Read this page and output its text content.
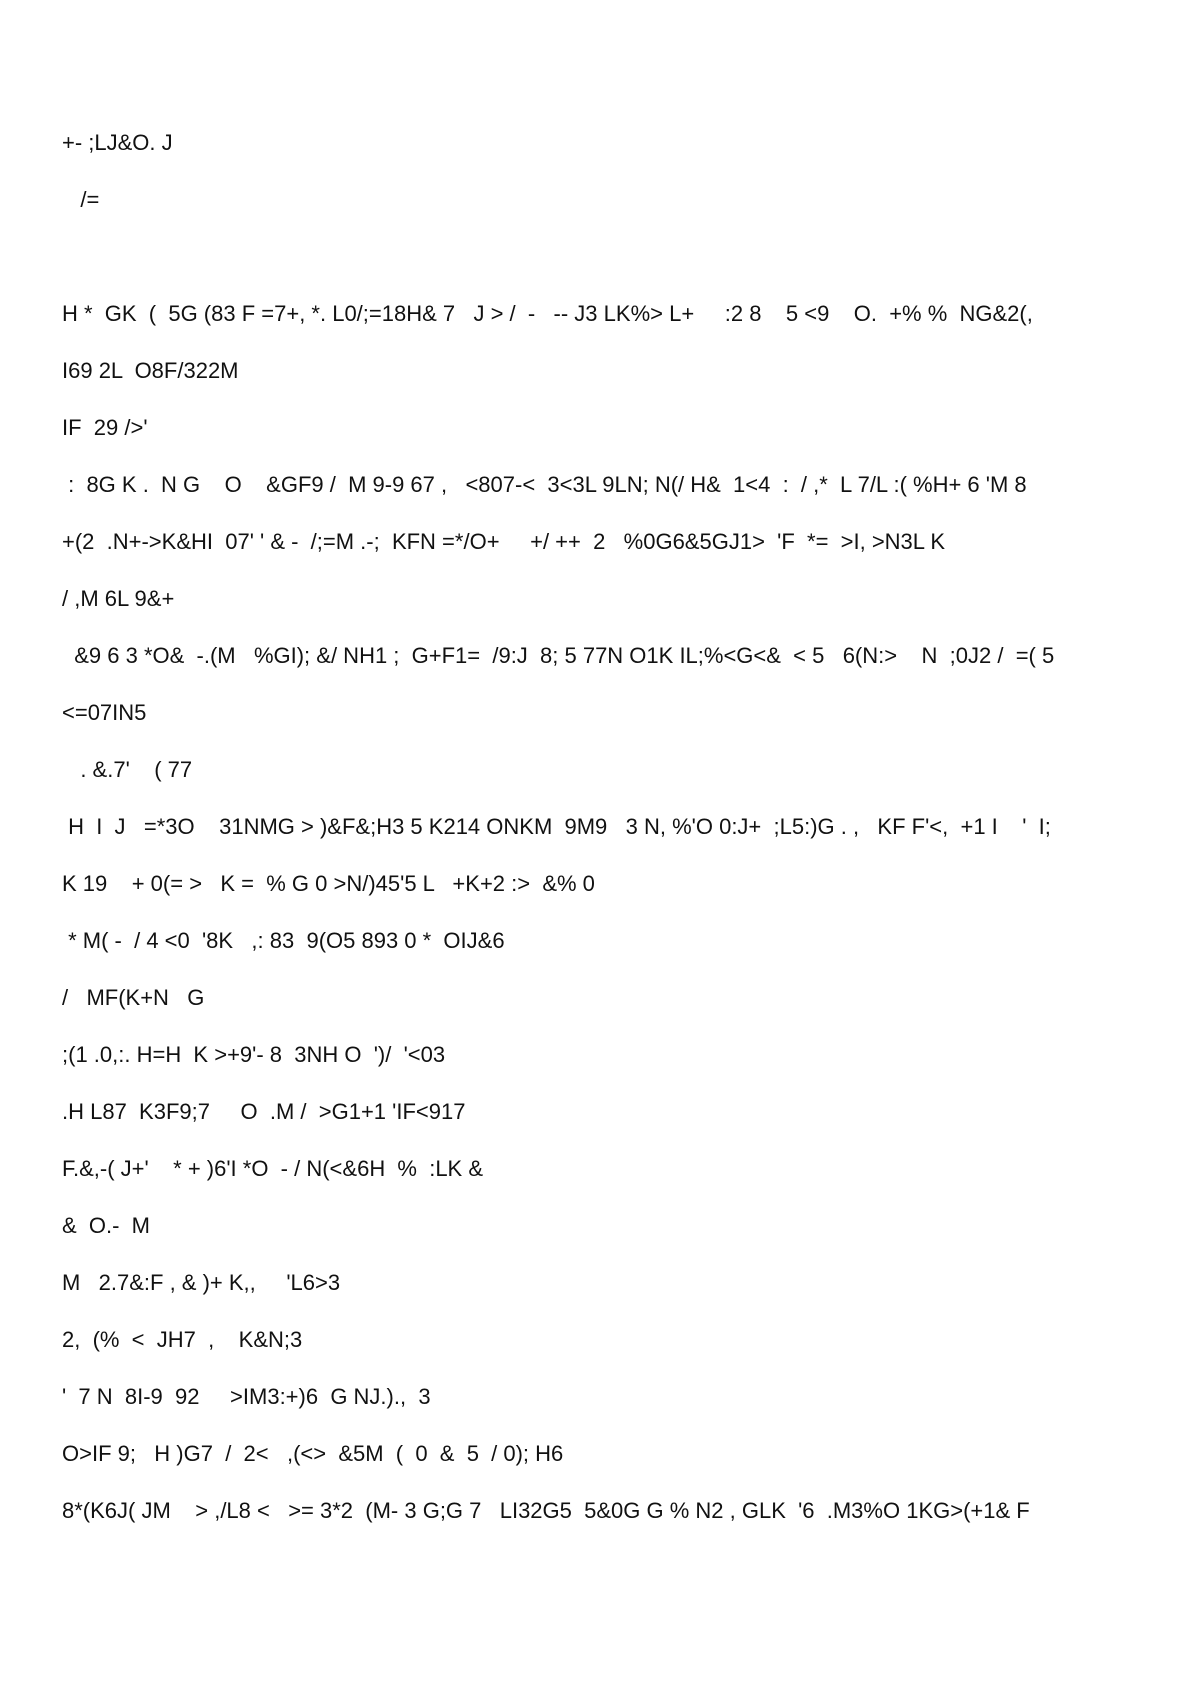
+- ;LJ&O. J
/=
H *  GK  (  5G (83 F =7+, *. L0/;=18H& 7   J > /  -   -- J3 LK%> L+     :2 8    5 <9    O.  +% %  NG&2(,
I69 2L  O8F/322M
IF  29 />'
:  8G K .  N G    O    &GF9 /  M 9-9 67 ,   <807-<  3<3L 9LN; N(/ H&  1<4  :  / ,*  L 7/L :( %H+ 6 'M 8
+(2  .N+->K&HI  07' ' & -  /;=M .-;  KFN =*/O+     +/ ++  2   %0G6&5GJ1>  'F  *=  >I, >N3L K
/ ,M 6L 9&+
&9 6 3 *O&  -.(M   %GI); &/ NH1 ;  G+F1=  /9:J  8; 5 77N O1K IL;%<G<&  < 5   6(N:>    N  ;0J2 /  =( 5
<=07IN5
. &.7'    ( 77
H  I  J   =*3O    31NMG > )&F&;H3 5 K214 ONKM  9M9   3 N, %'O 0:J+  ;L5:)G . ,   KF F'<,  +1 I    '  I;
K 19    + 0(= >   K =  % G 0 >N/)45'5 L   +K+2 :>  &% 0
* M( -  / 4 <0  '8K   ,: 83  9(O5 893 0 *  OIJ&6
/   MF(K+N   G
;(1 .0,:. H=H  K >+9'- 8  3NH O  ')/  '<03
.H L87  K3F9;7     O  .M /  >G1+1 'IF<917
F.&,-( J+'    * + )6'I *O  - / N(<&6H  %  :LK &
&  O.-  M
M   2.7&:F , & )+ K,,     'L6>3
2,  (%  <  JH7  ,    K&N;3
'  7 N  8I-9  92     >IM3:+)6  G NJ.).,  3
O>IF 9;   H )G7  /  2<   ,(<>  &5M  (  0  &  5  / 0); H6
8*(K6J( JM    > ,/L8 <   >= 3*2  (M- 3 G;G 7   LI32G5  5&0G G % N2 , GLK  '6  .M3%O 1KG>(+1& F
